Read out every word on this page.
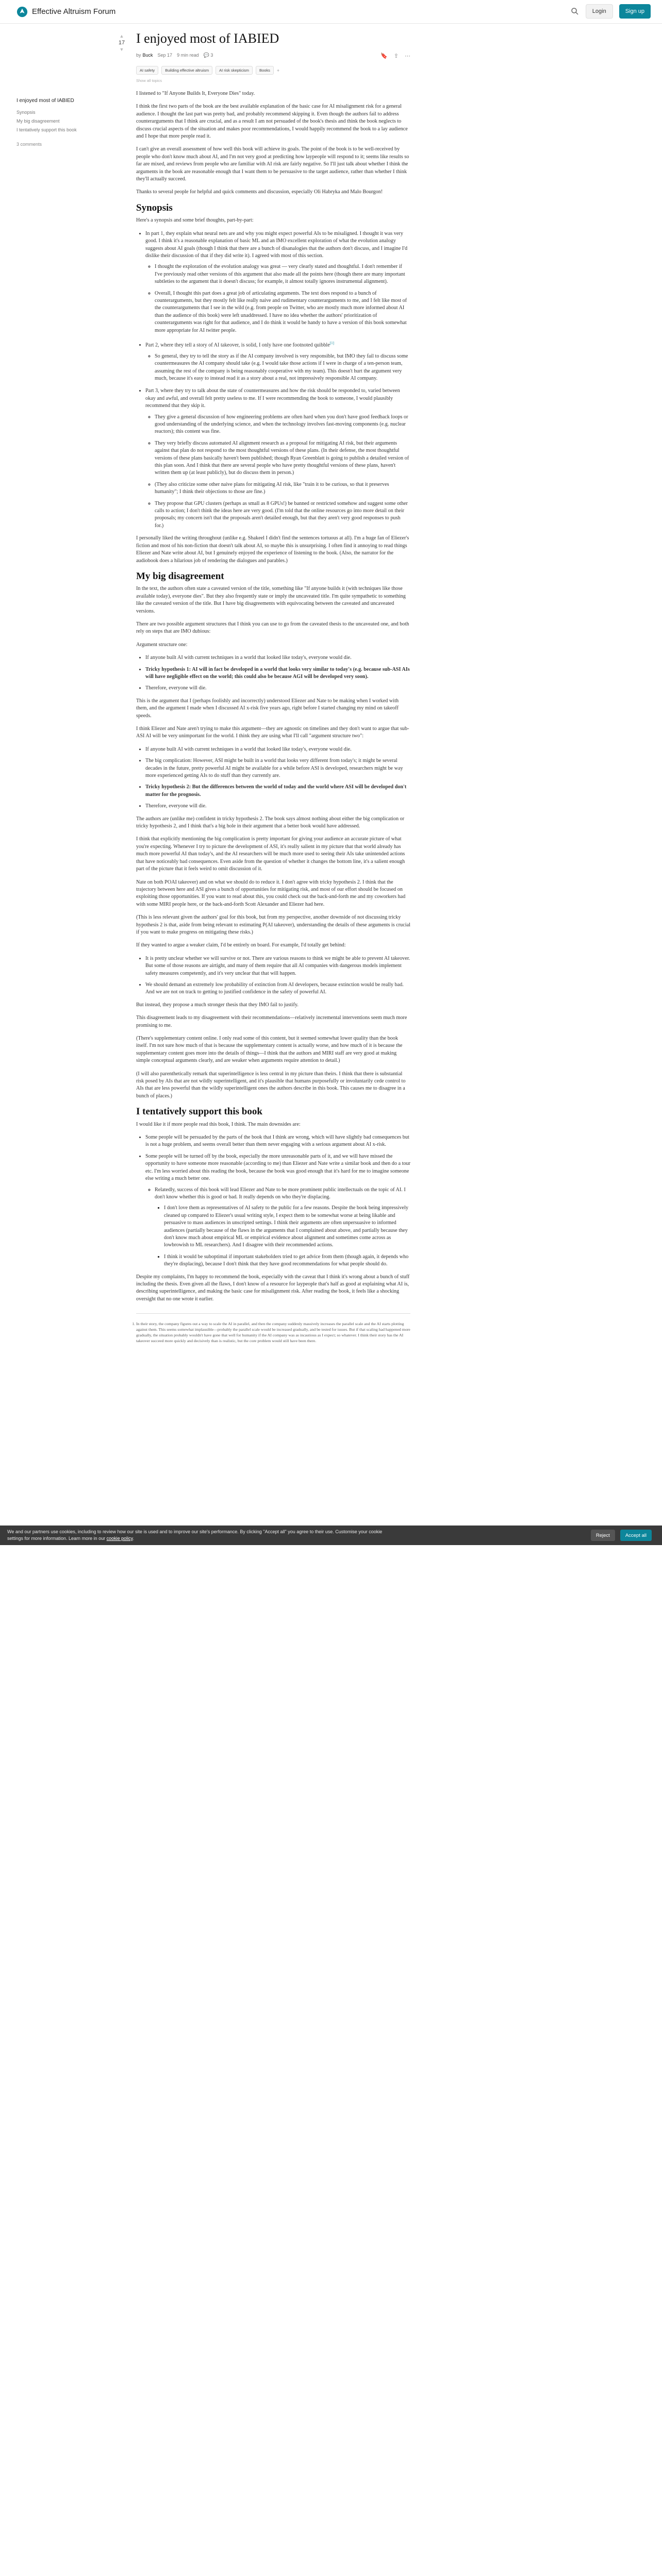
Effective Altruism Forum	Login	Sign up
I enjoyed most of IABIED
Synopsis
My big disagreement
I tentatively support this book
3 comments
▲
17
▼
I enjoyed most of IABIED
by Buck Sep 17 9 min read 💬 3	🔖 ⇪ ⋯
AI safety	Building effective altruism	AI risk skepticism	Books	+
Show all topics

I listened to "If Anyone Builds It, Everyone Dies" today.

I think the first two parts of the book are the best available explanation of the basic case for AI misalignment risk for a general audience. I thought the last part was pretty bad, and probably recommend skipping it. Even though the authors fail to address counterarguments that I think are crucial, and as a result I am not persuaded of the book's thesis and think the book neglects to discuss crucial aspects of the situation and makes poor recommendations, I would happily recommend the book to a lay audience and I hope that more people read it.

I can't give an overall assessment of how well this book will achieve its goals. The point of the book is to be well-received by people who don't know much about AI, and I'm not very good at predicting how laypeople will respond to it; seems like results so far are mixed, and reviews from people who are familiar with AI risk are fairly negative. So I'll just talk about whether I think the arguments in the book are reasonable enough that I want them to be persuasive to the target audience, rather than whether I think they'll actually succeed.

Thanks to several people for helpful and quick comments and discussion, especially Oli Habryka and Malo Bourgon!

Synopsis

Here's a synopsis and some brief thoughts, part-by-part:

• In part 1, they explain what neural nets are and why you might expect powerful AIs to be misaligned. I thought it was very good. I think it's a reasonable explanation of basic ML and an IMO excellent exploration of what the evolution analogy suggests about AI goals (though I think that there are a bunch of disanalogies that the authors don't discuss, and I imagine I'd dislike their discussion of that if they did write it). I agreed with most of this section.
◦ I thought the exploration of the evolution analogy was great — very clearly stated and thoughtful. I don't remember if I've previously read other versions of this argument that also made all the points here (though there are many important subtleties to the argument that it doesn't discuss; for example, it almost totally ignores instrumental alignment).
◦ Overall, I thought this part does a great job of articulating arguments. The text does respond to a bunch of counterarguments, but they mostly felt like really naive and rudimentary counterarguments to me, and I felt like most of the counterarguments that I see in the wild (e.g. from people on Twitter, who are mostly much more informed about AI than the audience of this book) were left unaddressed. I have no idea whether the authors' prioritization of counterarguments was right for that audience, and I do think it would be handy to have a version of this book somewhat more appropriate for AI twitter people.
• Part 2, where they tell a story of AI takeover, is solid, I only have one footnoted quibble[1]
◦ So general, they try to tell the story as if the AI company involved is very responsible, but IMO they fail to discuss some countermeasures the AI company should take (e.g. I would take those actions if I were in charge of a ten-person team, assuming the rest of the company is being reasonably cooperative with my team). This doesn't hurt the argument very much, because it's easy to instead read it as a story about a real, not impressively responsible AI company.
• Part 3, where they try to talk about the state of countermeasures and how the risk should be responded to, varied between okay and awful, and overall felt pretty useless to me. If I were recommending the book to someone, I would plausibly recommend that they skip it.
◦ They give a general discussion of how engineering problems are often hard when you don't have good feedback loops or good understanding of the underlying science, and when the technology involves fast-moving components (e.g. nuclear reactors); this content was fine.
◦ They very briefly discuss automated AI alignment research as a proposal for mitigating AI risk, but their arguments against that plan do not respond to the most thoughtful versions of these plans. (In their defense, the most thoughtful versions of these plans basically haven't been published; though Ryan Greenblatt is going to publish a detailed version of this plan soon. And I think that there are several people who have pretty thoughtful versions of these plans, haven't written them up (at least publicly), but do discuss them in person.)
◦ (They also criticize some other naive plans for mitigating AI risk, like "train it to be curious, so that it preserves humanity"; I think their objections to those are fine.)
◦ They propose that GPU clusters (perhaps as small as 8 GPUs!) be banned or restricted somehow and suggest some other calls to action; I don't think the ideas here are very good. (I'm told that the online resources go into more detail on their proposals; my concern isn't that the proposals aren't detailed enough, but that they aren't very good responses to push for.)

I personally liked the writing throughout (unlike e.g. Shakeel I didn't find the sentences tortuous at all). I'm a huge fan of Eliezer's fiction and most of his non-fiction that doesn't talk about AI, so maybe this is unsurprising. I often find it annoying to read things Eliezer and Nate write about AI, but I genuinely enjoyed the experience of listening to the book. (Also, the narrator for the audiobook does a hilarious job of rendering the dialogues and parables.)

My big disagreement

In the text, the authors often state a caveated version of the title, something like "If anyone builds it (with techniques like those available today), everyone dies". But they also frequently state or imply the uncaveated title. I'm quite sympathetic to something like the caveated version of the title. But I have big disagreements with equivocating between the caveated and uncaveated versions.

There are two possible argument structures that I think you can use to go from the caveated thesis to the uncaveated one, and both rely on steps that are IMO dubious:

Argument structure one:

• If anyone built AI with current techniques in a world that looked like today's, everyone would die.
• Tricky hypothesis 1: AI will in fact be developed in a world that looks very similar to today's (e.g. because sub-ASI AIs will have negligible effect on the world; this could also be because AGI will be developed very soon).
• Therefore, everyone will die.

This is the argument that I (perhaps foolishly and incorrectly) understood Eliezer and Nate to be making when I worked with them, and the argument I made when I discussed AI x-risk five years ago, right before I started changing my mind on takeoff speeds.

I think Eliezer and Nate aren't trying to make this argument—they are agnostic on timelines and they don't want to argue that sub-ASI AI will be very unimportant for the world. I think they are using what I'll call "argument structure two":

• If anyone built AI with current techniques in a world that looked like today's, everyone would die.
• The big complication: However, ASI might be built in a world that looks very different from today's; it might be several decades in the future, pretty powerful AI might be available for a while before ASI is developed, researchers might be way more experienced getting AIs to do stuff than they currently are.
• Tricky hypothesis 2: But the differences between the world of today and the world where ASI will be developed don't matter for the prognosis.
• Therefore, everyone will die.

The authors are (unlike me) confident in tricky hypothesis 2. The book says almost nothing about either the big complication or tricky hypothesis 2, and I think that's a big hole in their argument that a better book would have addressed.

I think that explicitly mentioning the big complication is pretty important for giving your audience an accurate picture of what you're expecting. Whenever I try to picture the development of ASI, it's really salient in my picture that that world already has much more powerful AI than today's, and the AI researchers will be much more used to seeing their AIs take unintended actions that have noticeably bad consequences. Even aside from the question of whether it changes the bottom line, it's a salient enough part of the picture that it feels weird to omit discussion of it.

Nate on both POAI takeover) and on what we should do to reduce it. I don't agree with tricky hypothesis 2. I think that the trajectory between here and ASI gives a bunch of opportunities for mitigating risk, and most of our effort should be focused on exploiting those opportunities. If you want to read about this, you could check out the back-and-forth me and my coworkers had with some MIRI people here, or the back-and-forth Scott Alexander and Eliezer had here.

(This is less relevant given the authors' goal for this book, but from my perspective, another downside of not discussing tricky hypothesis 2 is that, aside from being relevant to estimating P(AI takeover), understanding the details of these arguments is crucial if you want to make progress on mitigating these risks.)

If they wanted to argue a weaker claim, I'd be entirely on board. For example, I'd totally get behind:

• It is pretty unclear whether we will survive or not. There are various reasons to think we might be able to prevent AI takeover. But some of those reasons are airtight, and many of them require that all AI companies with dangerous models implement safety measures competently, and it's very unclear that that will happen.
• We should demand an extremely low probability of extinction from AI developers, because extinction would be really bad. And we are not on track to getting to justified confidence in the safety of powerful AI.

But instead, they propose a much stronger thesis that they IMO fail to justify.

This disagreement leads to my disagreement with their recommendations—relatively incremental interventions seem much more promising to me.

(There's supplementary content online. I only read some of this content, but it seemed somewhat lower quality than the book itself. I'm not sure how much of that is because the supplementary content is actually worse, and how much of it is because the supplementary content goes more into the details of things—I think that the authors and MIRI staff are very good at making simple conceptual arguments clearly, and are weaker when arguments require attention to detail.)

(I will also parenthetically remark that superintelligence is less central in my picture than theirs. I think that there is substantial risk posed by AIs that are not wildly superintelligent, and it's plausible that humans purposefully or involuntarily cede control to AIs that are less powerful than the wildly superintelligent ones the authors describe in this book. This causes me to disagree in a bunch of places.)

I tentatively support this book

I would like it if more people read this book, I think. The main downsides are:

• Some people will be persuaded by the parts of the book that I think are wrong, which will have slightly bad consequences but is not a huge problem, and seems overall better than them never engaging with a serious argument about AI x-risk.
• Some people will be turned off by the book, especially the more unreasonable parts of it, and we will have missed the opportunity to have someone more reasonable (according to me) than Eliezer and Nate write a similar book and then do a tour etc. I'm less worried about this reading the book, because the book was good enough that it's hard for me to imagine someone else writing a much better one.
◦ Relatedly, success of this book will lead Eliezer and Nate to be more prominent public intellectuals on the topic of AI. I don't know whether this is good or bad. It really depends on who they're displacing.
▪ I don't love them as representatives of AI safety to the public for a few reasons. Despite the book being impressively cleaned up compared to Eliezer's usual writing style, I expect them to be somewhat worse at being likable and persuasive to mass audiences in unscripted settings. I think their arguments are often unpersuasive to informed audiences (partially because of the flaws in the arguments that I complained about above, and partially because they don't know much about empirical ML or empirical evidence about alignment and sometimes come across as lowbrowish to ML researchers). And I disagree with their recommended actions.
▪ I think it would be suboptimal if important stakeholders tried to get advice from them (though again, it depends who they're displacing), because I don't think that they have good recommendations for what people should do.

Despite my complaints, I'm happy to recommend the book, especially with the caveat that I think it's wrong about a bunch of stuff including the thesis. Even given all the flaws, I don't know of a resource for laypeople that's half as good at explaining what AI is, describing superintelligence, and making the basic case for misalignment risk. After reading the book, it feels like a shocking oversight that no one wrote it earlier.

1. In their story, the company figures out a way to scale the AI in parallel, and then the company suddenly massively increases the parallel scale and the AI starts plotting against them. This seems somewhat implausible—probably the parallel scale would be increased gradually, and be tested for issues. But if that scaling had happened more gradually, the situation probably wouldn't have gone that well for humanity if the AI company was as incautious as I expect; so whatever. I think their story has the AI takeover succeed more quickly and decisively than is realistic, but the core problem would still have been there.
We and our partners use cookies, including to review how our site is used and to improve our site's performance. By clicking "Accept all" you agree to their use. Customise your cookie settings for more information. Learn more in our cookie policy.
Reject	Accept all
